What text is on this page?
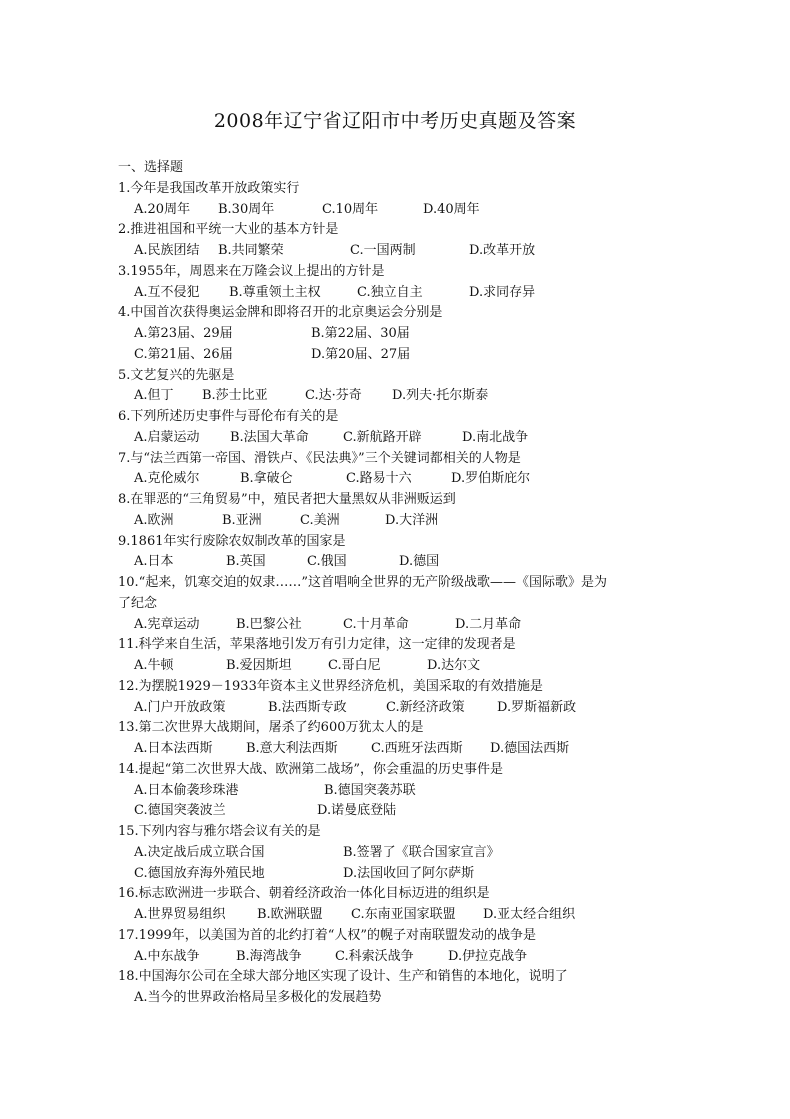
2008年辽宁省辽阳市中考历史真题及答案
一、选择题
1.今年是我国改革开放政策实行
A.20周年 B.30周年	C.10周年	D.40周年
2.推进祖国和平统一大业的基本方针是
A.民族团结 B.共同繁荣	C.一国两制	D.改革开放
3.1955年，周恩来在万隆会议上提出的方针是
A.互不侵犯 B.尊重领土主权	C.独立自主	D.求同存异
4.中国首次获得奥运金牌和即将召开的北京奥运会分别是
A.第23届、29届	B.第22届、30届
C.第21届、26届	D.第20届、27届
5.文艺复兴的先驱是
A.但丁 B.莎士比亚	C.达·芬奇 D.列夫·托尔斯泰
6.下列所述历史事件与哥伦布有关的是
A.启蒙运动 B.法国大革命	C.新航路开辟	D.南北战争
7.与“法兰西第一帝国、滑铁卢、《民法典》”三个关键词都相关的人物是
A.克伦威尔	B.拿破仑	C.路易十六	D.罗伯斯庇尔
8.在罪恶的“三角贸易”中，殖民者把大量黑奴从非洲贩运到
A.欧洲	B.亚洲	C.美洲	D.大洋洲
9.1861年实行废除农奴制改革的国家是
A.日本	B.英国	C.俄国	D.德国
10.“起来，饥寒交迫的奴隶……”这首唱响全世界的无产阶级战歌——《国际歌》是为
了纪念
A.宪章运动	B.巴黎公社	C.十月革命	D.二月革命
11.科学来自生活，苹果落地引发万有引力定律，这一定律的发现者是
A.牛顿	B.爱因斯坦	C.哥白尼	D.达尔文
12.为摆脱1929－1933年资本主义世界经济危机，美国采取的有效措施是
A.门户开放政策	B.法西斯专政	C.新经济政策 D.罗斯福新政
13.第二次世界大战期间，屠杀了约600万犹太人的是
A.日本法西斯	B.意大利法西斯	C.西班牙法西斯 D.德国法西斯
14.提起“第二次世界大战、欧洲第二战场”，你会重温的历史事件是
A.日本偷袭珍珠港	B.德国突袭苏联
C.德国突袭波兰	D.诺曼底登陆
15.下列内容与雅尔塔会议有关的是
A.决定战后成立联合国	B.签署了《联合国家宣言》
C.德国放弃海外殖民地	D.法国收回了阿尔萨斯
16.标志欧洲进一步联合、朝着经济政治一体化目标迈进的组织是
A.世界贸易组织 B.欧洲联盟 C.东南亚国家联盟 D.亚太经合组织
17.1999年，以美国为首的北约打着“人权”的幌子对南联盟发动的战争是
A.中东战争	B.海湾战争	C.科索沃战争	D.伊拉克战争
18.中国海尔公司在全球大部分地区实现了设计、生产和销售的本地化，说明了
A.当今的世界政治格局呈多极化的发展趋势
